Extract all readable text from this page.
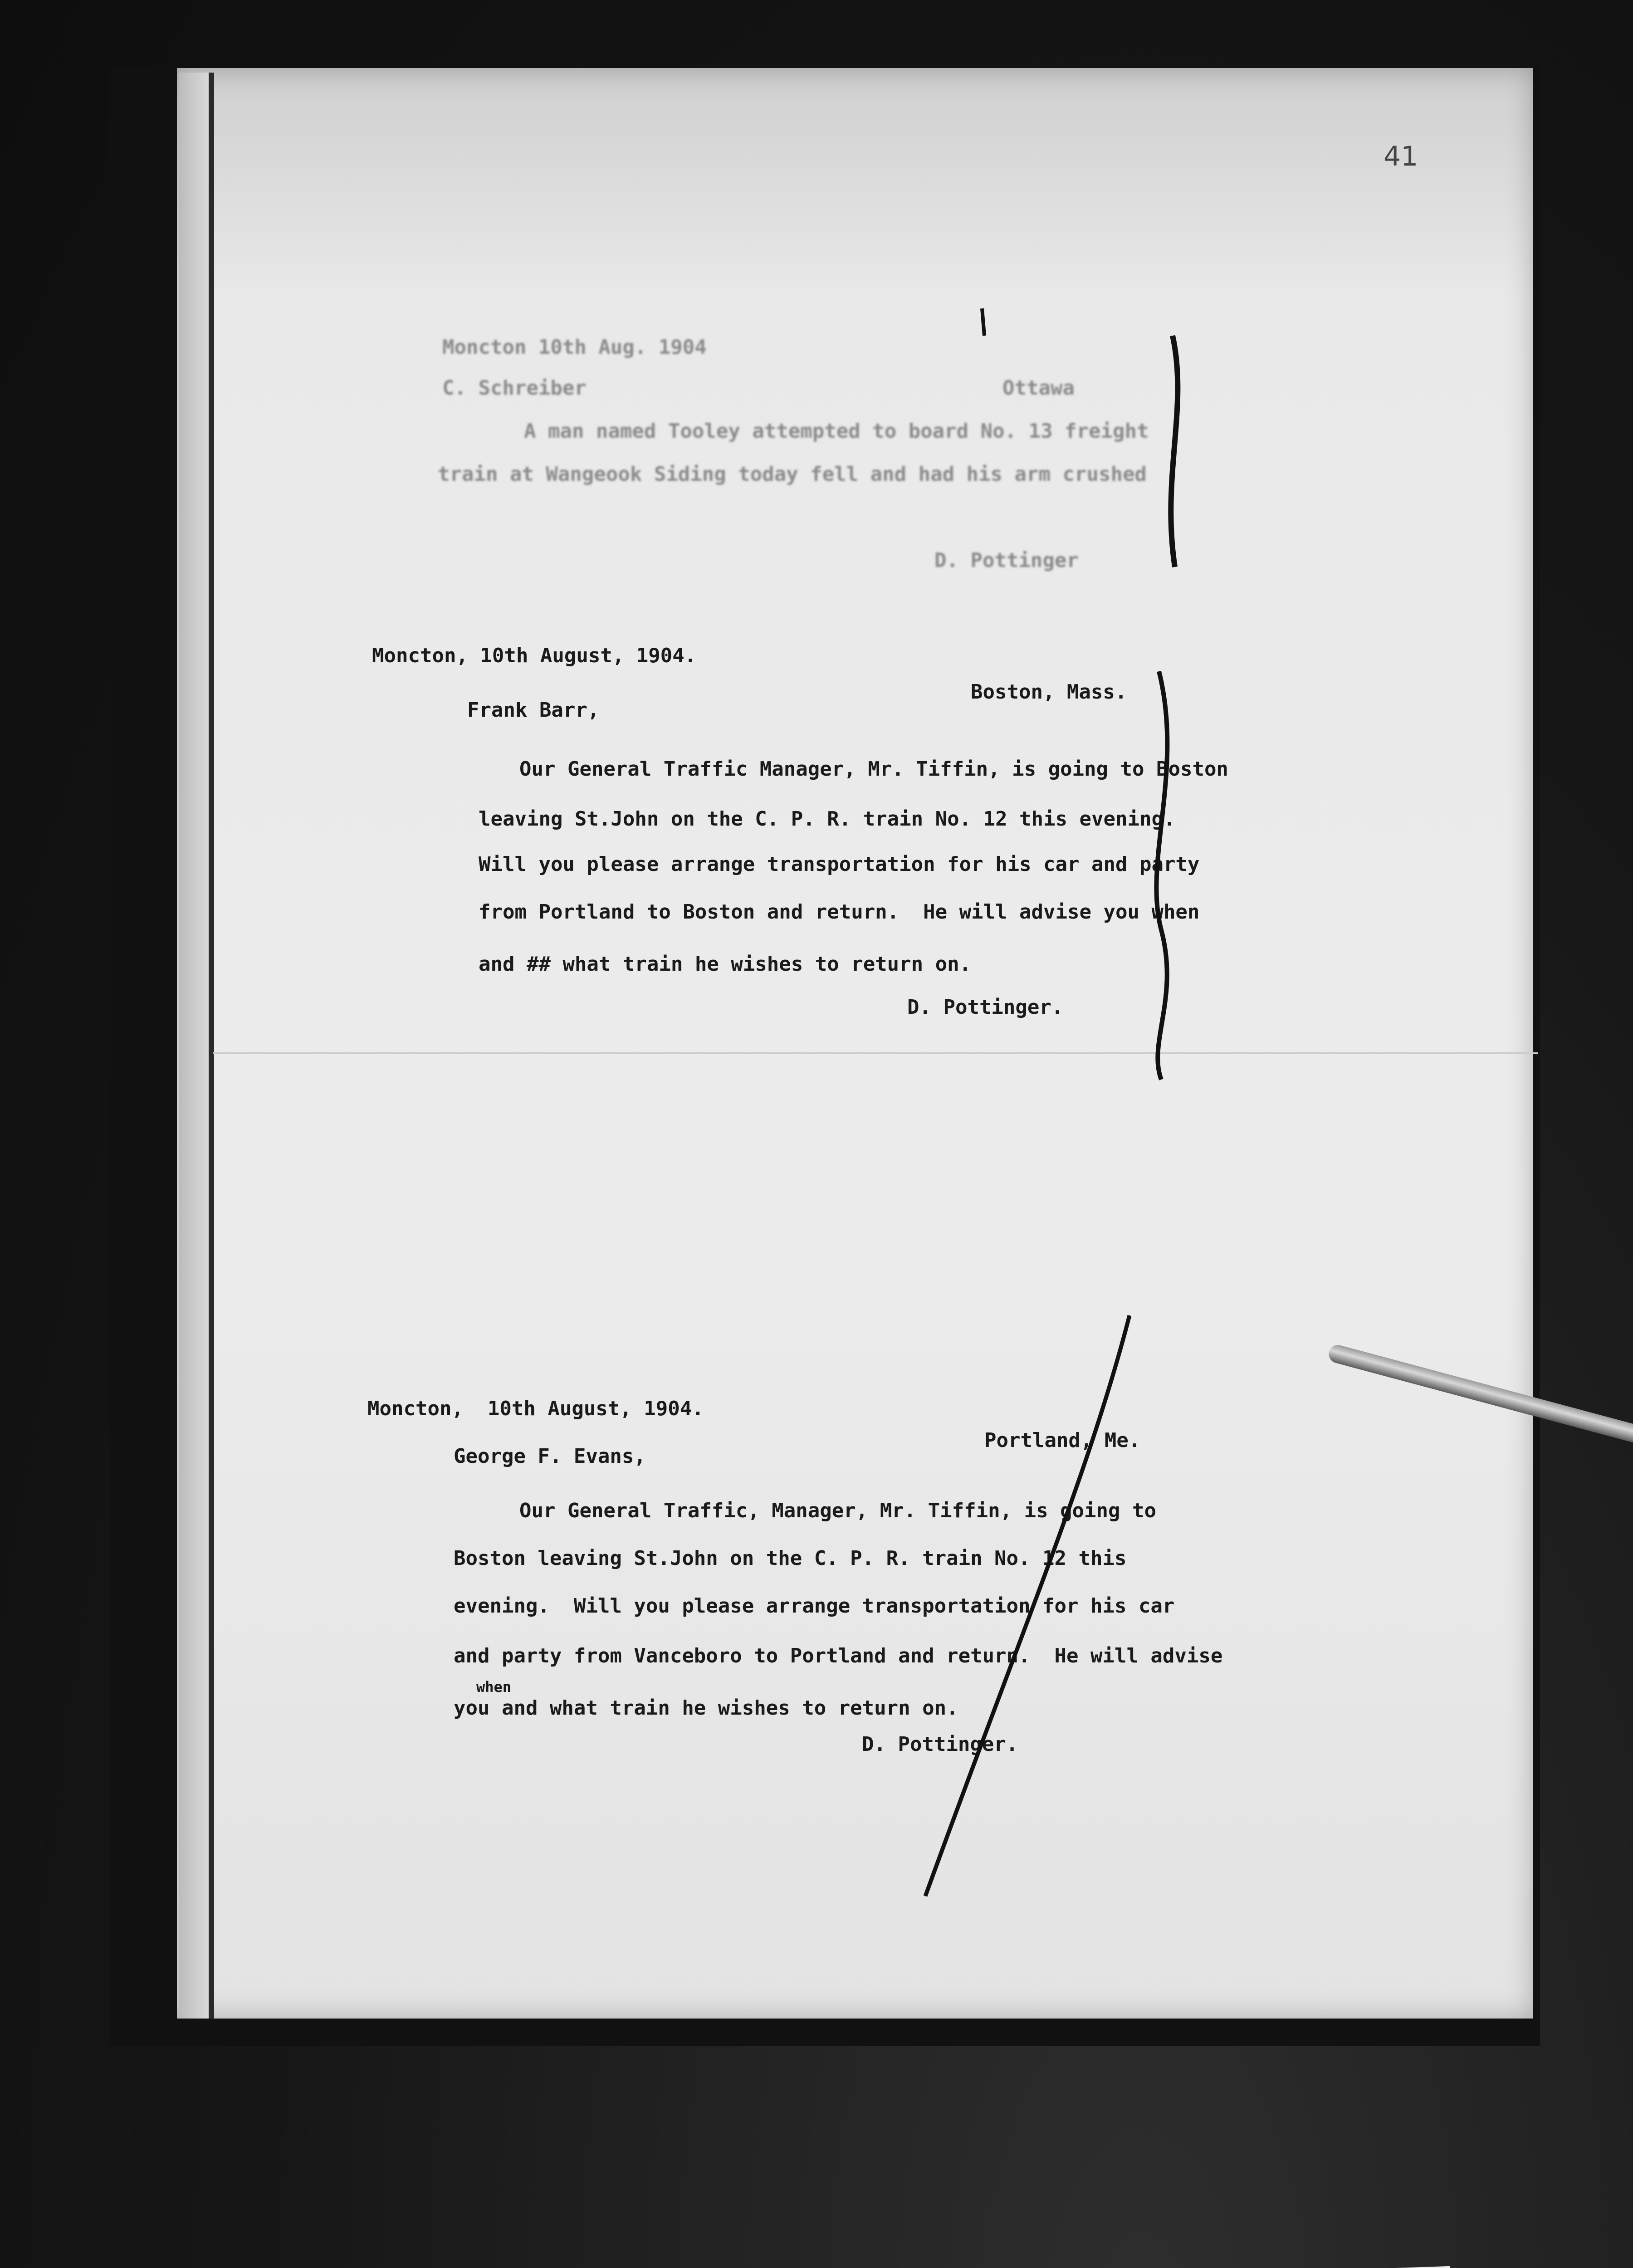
41
Moncton 10th Aug. 1904
C. Schreiber	Ottawa
A man named Tooley attempted to board No. 13 freight
train at Wangeook Siding today fell and had his arm crushed
D. Pottinger
Moncton, 10th August, 1904.
Frank Barr,
Boston, Mass.
Our General Traffic Manager, Mr. Tiffin, is going to Boston
leaving St.John on the C. P. R. train No. 12 this evening.
Will you please arrange transportation for his car and party
from Portland to Boston and return.  He will advise you when
and ## what train he wishes to return on.
D. Pottinger.
Moncton,  10th August, 1904.
George F. Evans,
Portland, Me.
Our General Traffic, Manager, Mr. Tiffin, is going to
Boston leaving St.John on the C. P. R. train No. 12 this
evening.  Will you please arrange transportation for his car
and party from Vanceboro to Portland and return.  He will advise
when
you and what train he wishes to return on.
D. Pottinger.
